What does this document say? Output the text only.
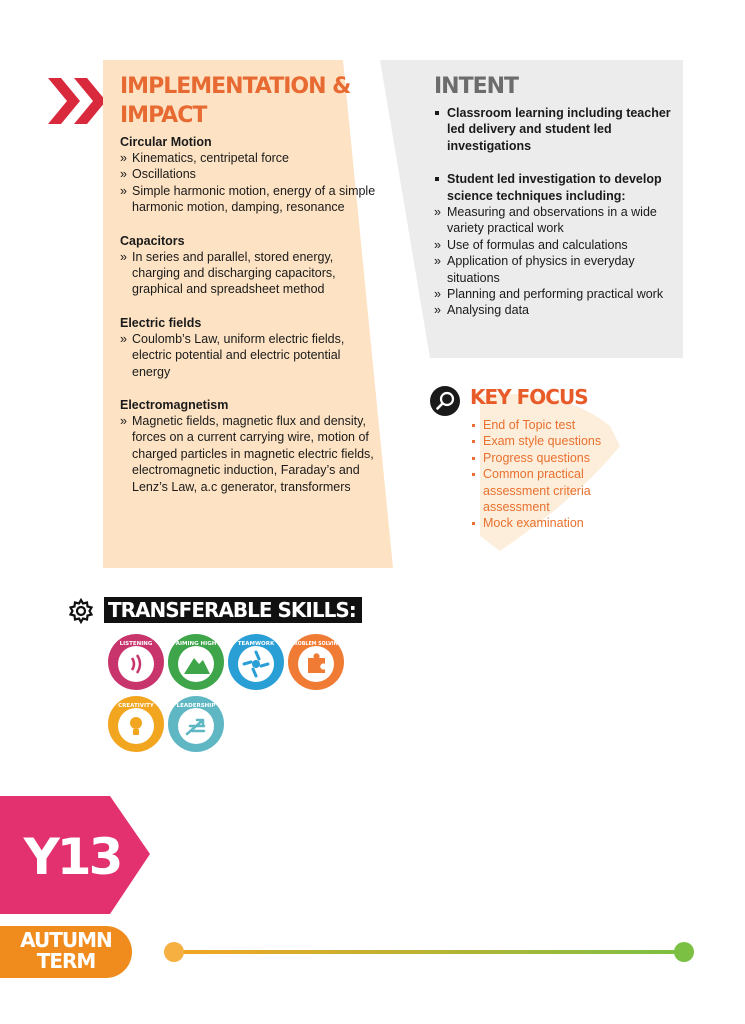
IMPLEMENTATION & IMPACT
Circular Motion
» Kinematics, centripetal force
» Oscillations
» Simple harmonic motion, energy of a simple harmonic motion, damping, resonance
Capacitors
» In series and parallel, stored energy, charging and discharging capacitors, graphical and spreadsheet method
Electric fields
» Coulomb’s Law, uniform electric fields, electric potential and electric potential energy
Electromagnetism
» Magnetic fields, magnetic flux and density, forces on a current carrying wire, motion of charged particles in magnetic electric fields, electromagnetic induction, Faraday’s and Lenz’s Law, a.c generator, transformers
INTENT
Classroom learning including teacher led delivery and student led investigations
Student led investigation to develop science techniques including:
» Measuring and observations in a wide variety practical work
» Use of formulas and calculations
» Application of physics in everyday situations
» Planning and performing practical work
» Analysing data
KEY FOCUS
End of Topic test
Exam style questions
Progress questions
Common practical assessment criteria assessment
Mock examination
TRANSFERABLE SKILLS:
LISTENING	AIMING HIGH	TEAMWORK	PROBLEM SOLVING
CREATIVITY	LEADERSHIP
Y13
AUTUMN
TERM
